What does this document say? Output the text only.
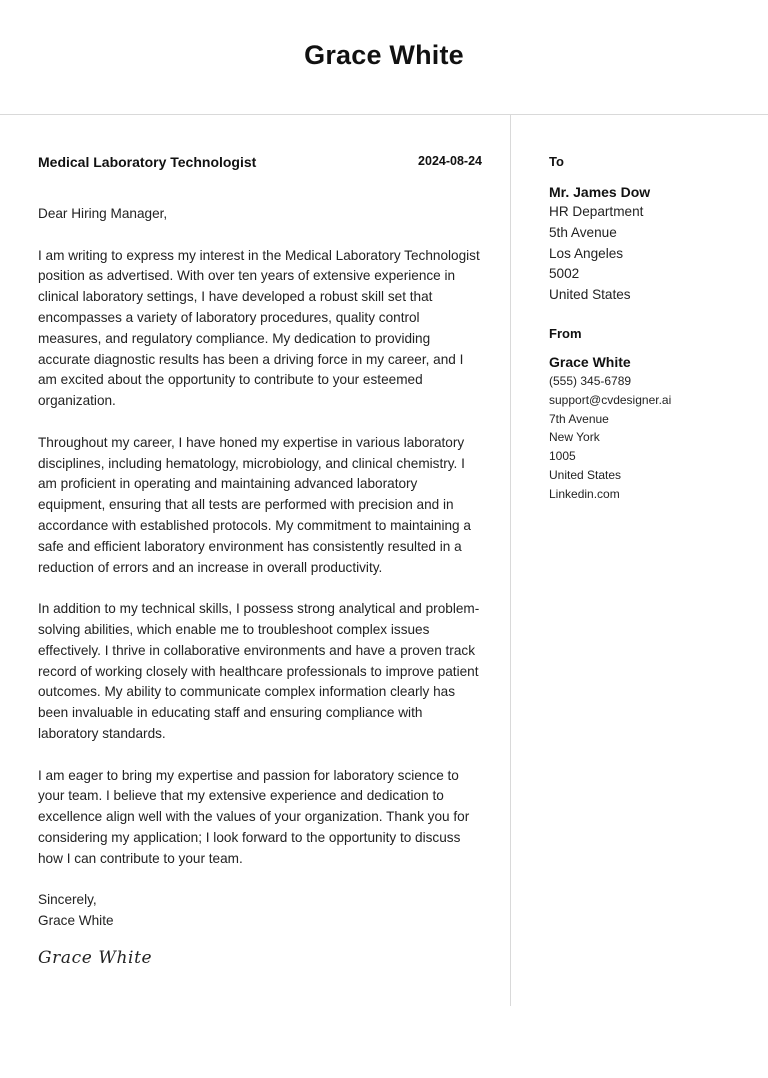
Grace White
Medical Laboratory Technologist	2024-08-24
Dear Hiring Manager,
I am writing to express my interest in the Medical Laboratory Technologist position as advertised. With over ten years of extensive experience in clinical laboratory settings, I have developed a robust skill set that encompasses a variety of laboratory procedures, quality control measures, and regulatory compliance. My dedication to providing accurate diagnostic results has been a driving force in my career, and I am excited about the opportunity to contribute to your esteemed organization.
Throughout my career, I have honed my expertise in various laboratory disciplines, including hematology, microbiology, and clinical chemistry. I am proficient in operating and maintaining advanced laboratory equipment, ensuring that all tests are performed with precision and in accordance with established protocols. My commitment to maintaining a safe and efficient laboratory environment has consistently resulted in a reduction of errors and an increase in overall productivity.
In addition to my technical skills, I possess strong analytical and problem-solving abilities, which enable me to troubleshoot complex issues effectively. I thrive in collaborative environments and have a proven track record of working closely with healthcare professionals to improve patient outcomes. My ability to communicate complex information clearly has been invaluable in educating staff and ensuring compliance with laboratory standards.
I am eager to bring my expertise and passion for laboratory science to your team. I believe that my extensive experience and dedication to excellence align well with the values of your organization. Thank you for considering my application; I look forward to the opportunity to discuss how I can contribute to your team.
Sincerely,
Grace White
Grace White
To
Mr. James Dow
HR Department
5th Avenue
Los Angeles
5002
United States
From
Grace White
(555) 345-6789
support@cvdesigner.ai
7th Avenue
New York
1005
United States
Linkedin.com
